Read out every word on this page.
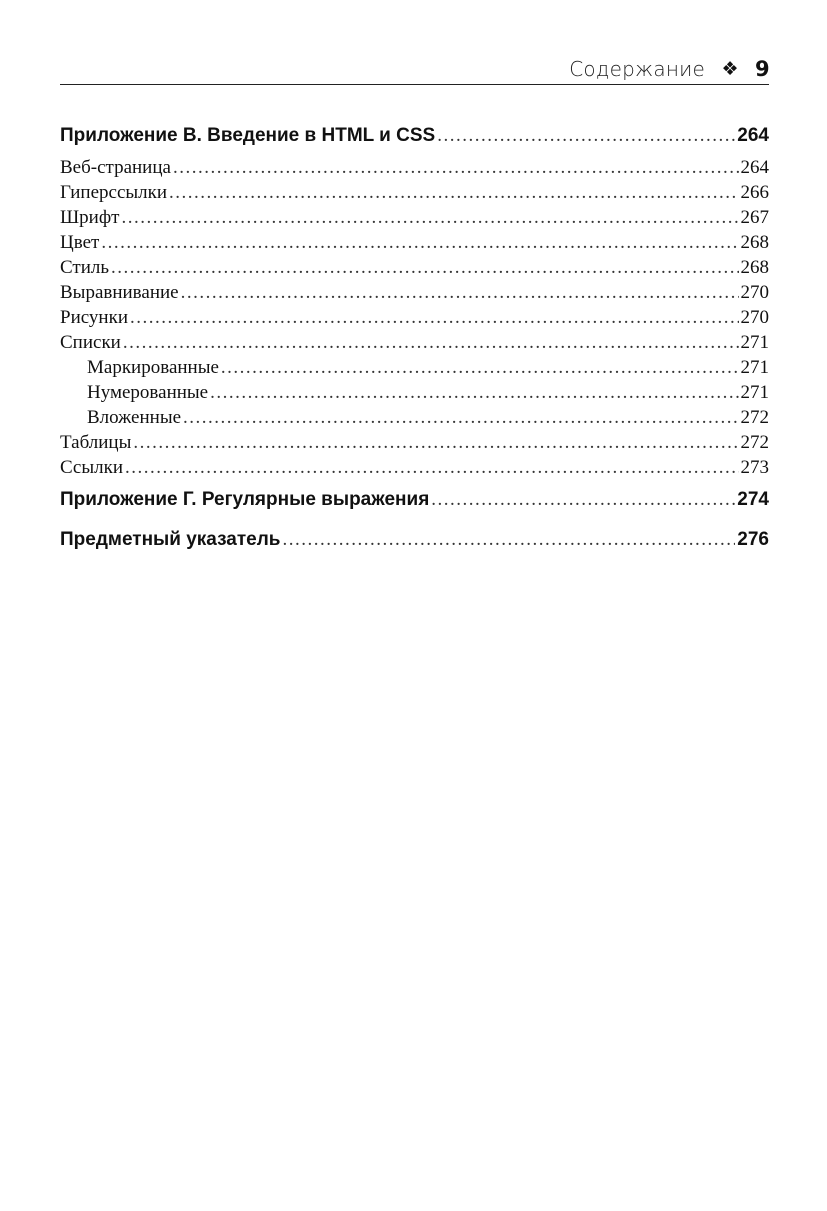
Содержание ❖ 9
Приложение В. Введение в HTML и CSS .....	264
Веб-страница .....	264
Гиперссылки .....	266
Шрифт .....	267
Цвет .....	268
Стиль .....	268
Выравнивание .....	270
Рисунки .....	270
Списки .....	271
Маркированные .....	271
Нумерованные .....	271
Вложенные .....	272
Таблицы .....	272
Ссылки .....	273
Приложение Г. Регулярные выражения .....	274
Предметный указатель .....	276
